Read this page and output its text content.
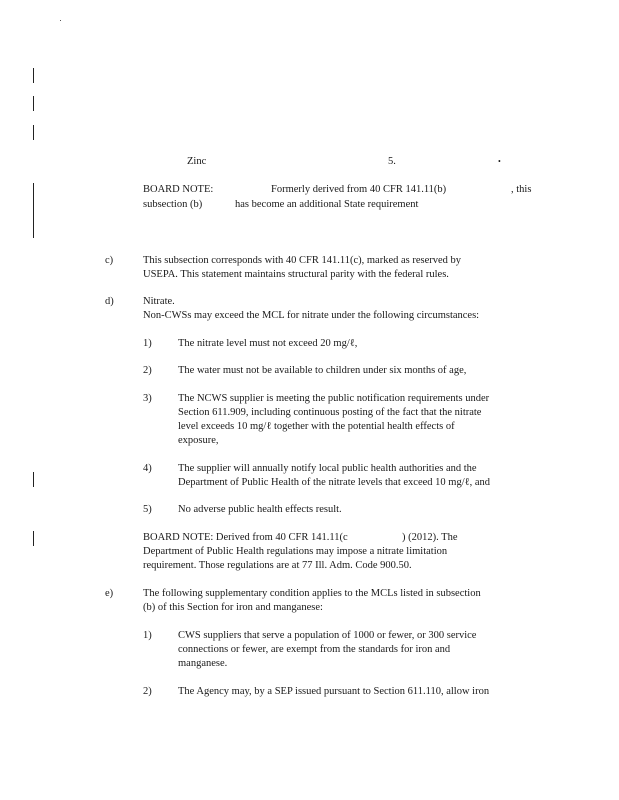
•
Zinc	5.
BOARD NOTE:	Formerly derived from 40 CFR 141.11(b)	, this
subsection (b)	has become an additional State requirement
c)	This subsection corresponds with 40 CFR 141.11(c), marked as reserved by
USEPA. This statement maintains structural parity with the federal rules.
d)	Nitrate.
Non-CWSs may exceed the MCL for nitrate under the following circumstances:
1)	The nitrate level must not exceed 20 mg/ℓ,
2)	The water must not be available to children under six months of age,
3)	The NCWS supplier is meeting the public notification requirements under
Section 611.909, including continuous posting of the fact that the nitrate
level exceeds 10 mg/ℓ together with the potential health effects of
exposure,
4)	The supplier will annually notify local public health authorities and the
Department of Public Health of the nitrate levels that exceed 10 mg/ℓ, and
5)	No adverse public health effects result.
BOARD NOTE: Derived from 40 CFR 141.11(c	) (2012). The
Department of Public Health regulations may impose a nitrate limitation
requirement. Those regulations are at 77 Ill. Adm. Code 900.50.
e)	The following supplementary condition applies to the MCLs listed in subsection
(b) of this Section for iron and manganese:
1)	CWS suppliers that serve a population of 1000 or fewer, or 300 service
connections or fewer, are exempt from the standards for iron and
manganese.
2)	The Agency may, by a SEP issued pursuant to Section 611.110, allow iron
